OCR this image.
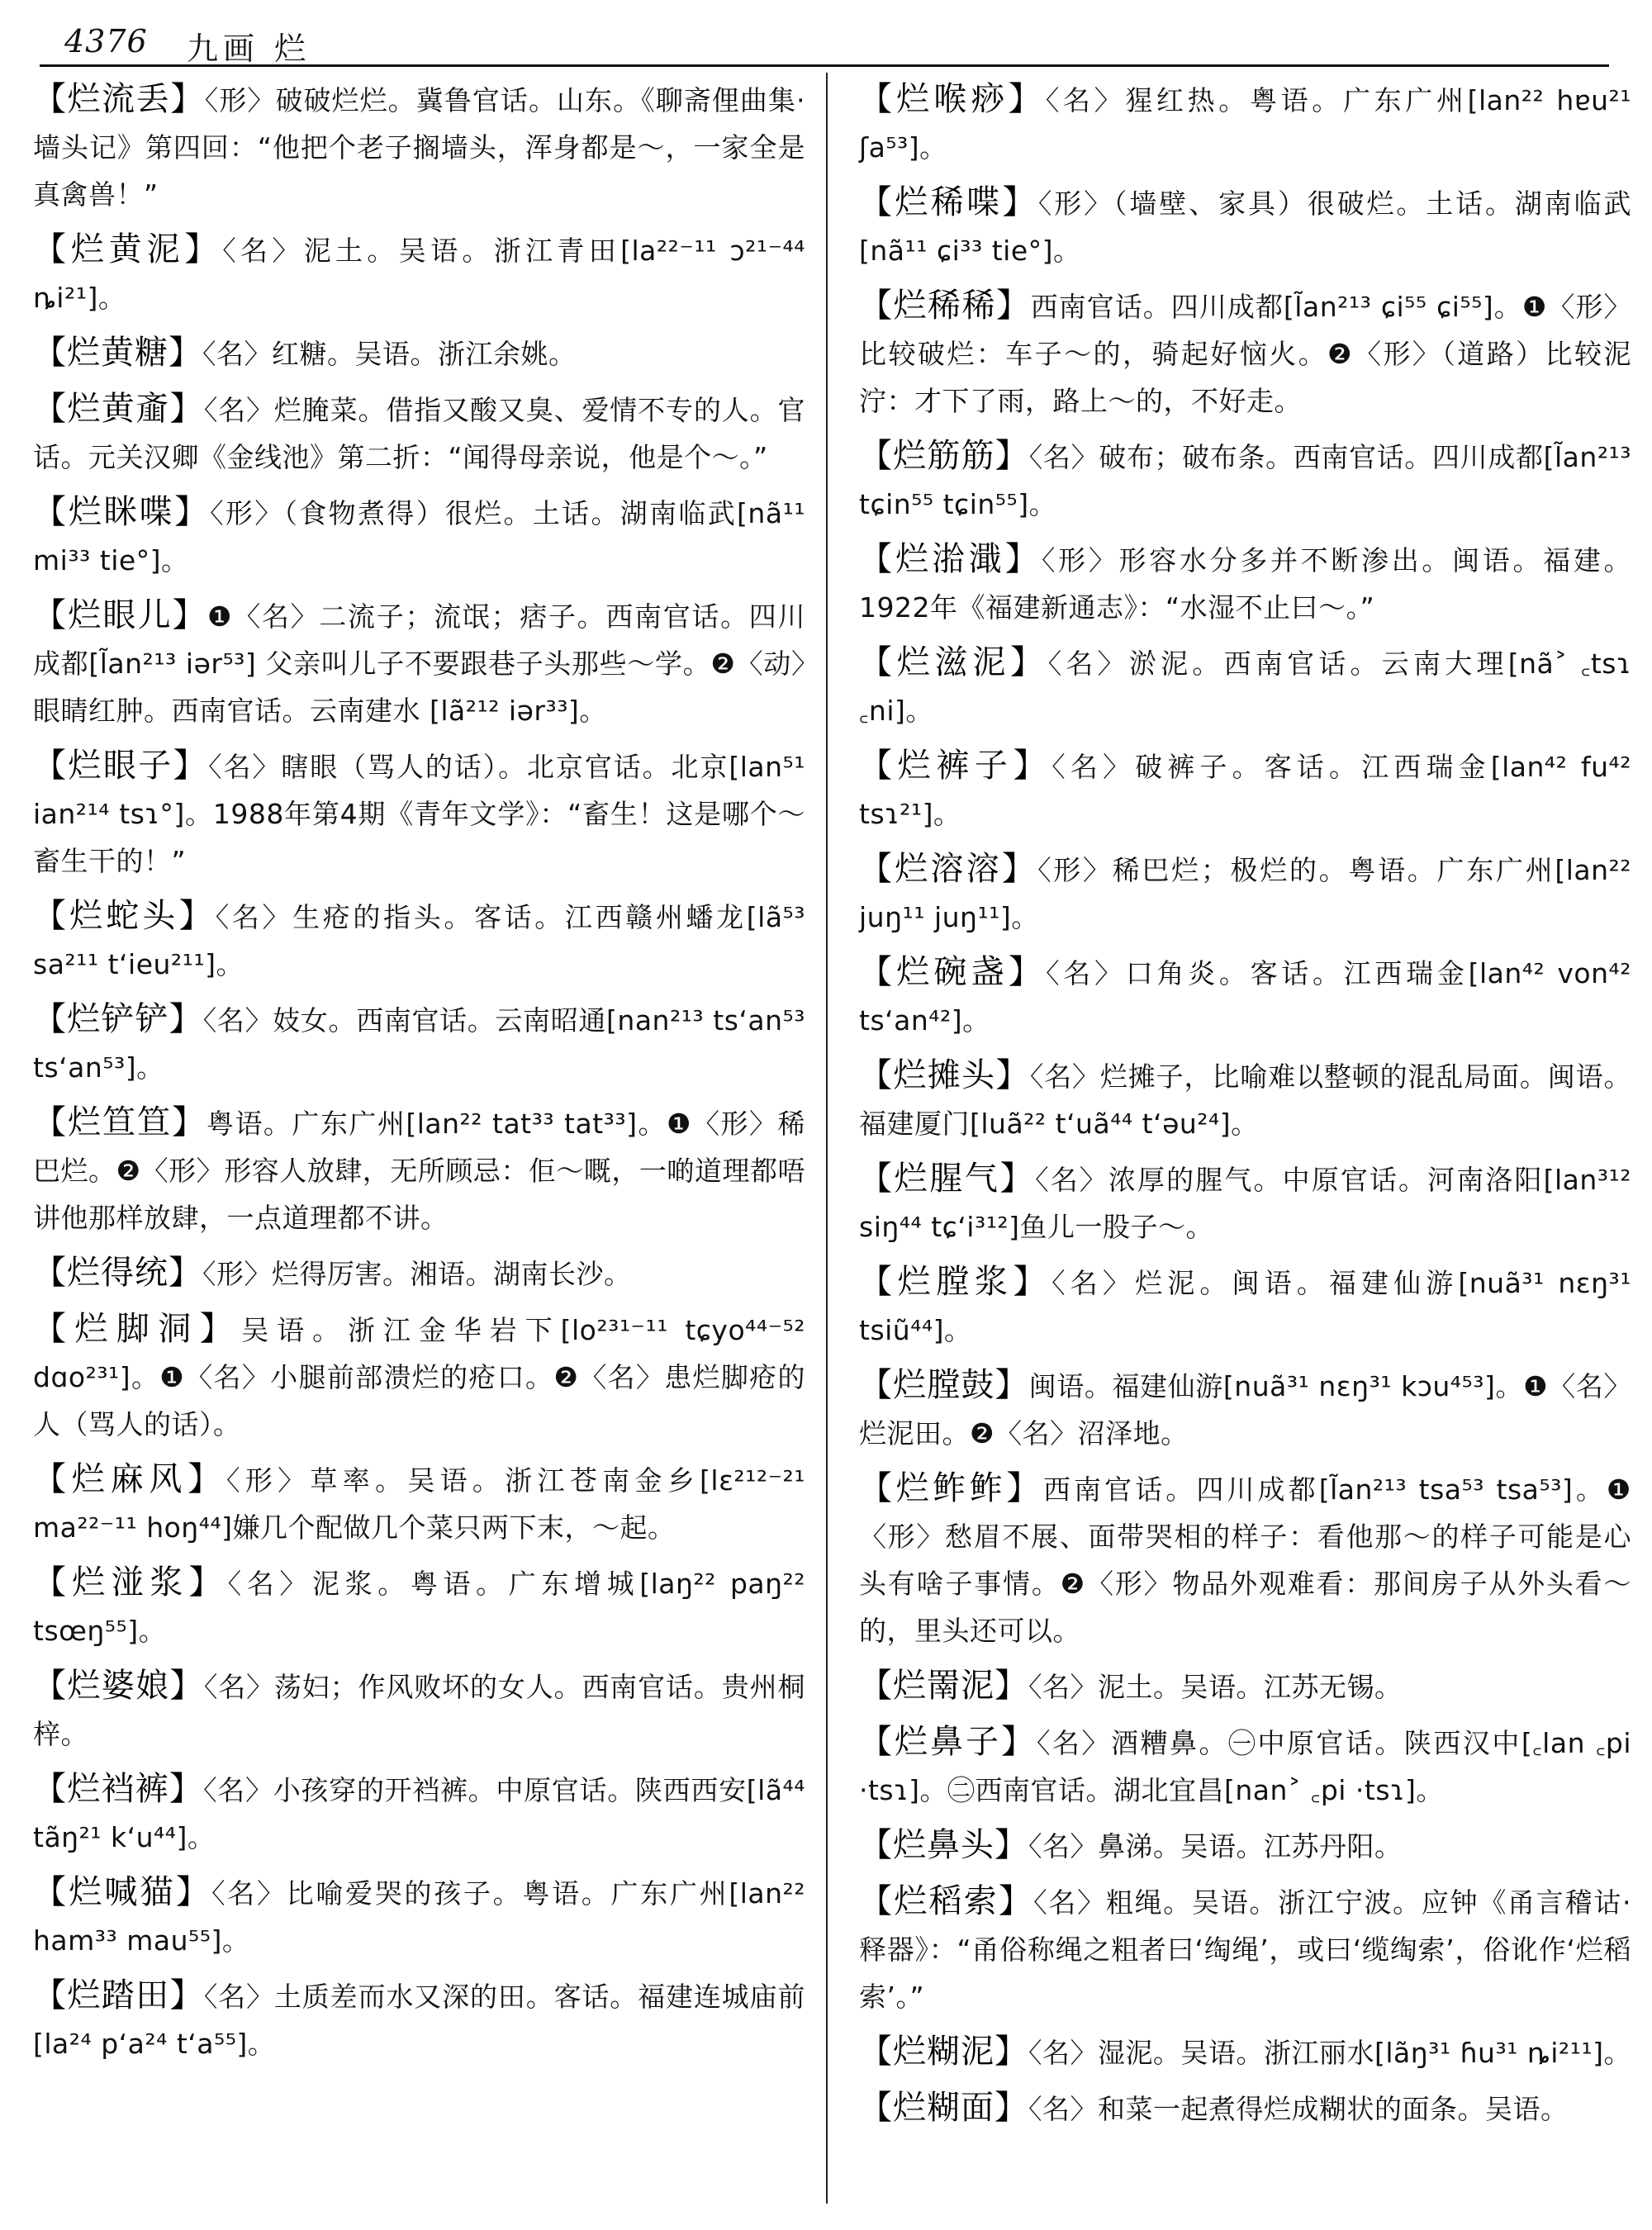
4376 九画 烂

【烂流丢】〈形〉破破烂烂。冀鲁官话。山东。《聊斋俚曲集·墙头记》第四回：“他把个老子搁墙头，浑身都是～，一家全是真禽兽！”

【烂黄泥】〈名〉泥土。吴语。浙江青田[la²²⁻¹¹ ɔ²¹⁻⁴⁴ ȵi²¹]。

【烂黄糖】〈名〉红糖。吴语。浙江余姚。

【烂黄齑】〈名〉烂腌菜。借指又酸又臭、爱情不专的人。官话。元关汉卿《金线池》第二折：“闻得母亲说，他是个～。”

【烂眯喋】〈形〉（食物煮得）很烂。土话。湖南临武[nã¹¹ mi³³ tie°]。

【烂眼儿】❶〈名〉二流子；流氓；痞子。西南官话。四川成都[l̃an²¹³ iər⁵³] 父亲叫儿子不要跟巷子头那些～学。❷〈动〉眼睛红肿。西南官话。云南建水 [lã²¹² iər³³]。

【烂眼子】〈名〉瞎眼（骂人的话）。北京官话。北京[lan⁵¹ ian²¹⁴ tsɿ°]。1988年第4期《青年文学》：“畜生！这是哪个～畜生干的！”

【烂蛇头】〈名〉生疮的指头。客话。江西赣州蟠龙[lã⁵³ sa²¹¹ t‘ieu²¹¹]。

【烂铲铲】〈名〉妓女。西南官话。云南昭通[nan²¹³ ts‘an⁵³ ts‘an⁵³]。

【烂笪笪】粤语。广东广州[lan²² tat³³ tat³³]。❶〈形〉稀巴烂。❷〈形〉形容人放肆，无所顾忌：佢～嘅，一啲道理都唔讲他那样放肆，一点道理都不讲。

【烂得统】〈形〉烂得厉害。湘语。湖南长沙。

【烂脚洞】吴语。浙江金华岩下[lo²³¹⁻¹¹ tɕyo⁴⁴⁻⁵² dɑo²³¹]。❶〈名〉小腿前部溃烂的疮口。❷〈名〉患烂脚疮的人（骂人的话）。

【烂麻风】〈形〉草率。吴语。浙江苍南金乡[lɛ²¹²⁻²¹ ma²²⁻¹¹ hoŋ⁴⁴]嫌几个配做几个菜只两下末，～起。

【烂湴浆】〈名〉泥浆。粤语。广东增城[laŋ²² paŋ²² tsœŋ⁵⁵]。

【烂婆娘】〈名〉荡妇；作风败坏的女人。西南官话。贵州桐梓。

【烂裆裤】〈名〉小孩穿的开裆裤。中原官话。陕西西安[lã⁴⁴ tãŋ²¹ k‘u⁴⁴]。

【烂喊猫】〈名〉比喻爱哭的孩子。粤语。广东广州[lan²² ham³³ mau⁵⁵]。

【烂踏田】〈名〉土质差而水又深的田。客话。福建连城庙前[la²⁴ p‘a²⁴ t‘a⁵⁵]。

【烂喉痧】〈名〉猩红热。粤语。广东广州[lan²² hɐu²¹ ʃa⁵³]。

【烂稀喋】〈形〉（墙壁、家具）很破烂。土话。湖南临武[nã¹¹ ɕi³³ tie°]。

【烂稀稀】西南官话。四川成都[l̃an²¹³ ɕi⁵⁵ ɕi⁵⁵]。❶〈形〉比较破烂：车子～的，骑起好恼火。❷〈形〉（道路）比较泥泞：才下了雨，路上～的，不好走。

【烂筋筋】〈名〉破布；破布条。西南官话。四川成都[l̃an²¹³ tɕin⁵⁵ tɕin⁵⁵]。

【烂湁濈】〈形〉形容水分多并不断渗出。闽语。福建。1922年《福建新通志》：“水湿不止曰～。”

【烂滋泥】〈名〉淤泥。西南官话。云南大理[nã˃ ꜀tsɿ ꜀ni]。

【烂裤子】〈名〉破裤子。客话。江西瑞金[lan⁴² fu⁴² tsɿ²¹]。

【烂溶溶】〈形〉稀巴烂；极烂的。粤语。广东广州[lan²² juŋ¹¹ juŋ¹¹]。

【烂碗盏】〈名〉口角炎。客话。江西瑞金[lan⁴² von⁴² ts‘an⁴²]。

【烂摊头】〈名〉烂摊子，比喻难以整顿的混乱局面。闽语。福建厦门[luã²² t‘uã⁴⁴ t‘əu²⁴]。

【烂腥气】〈名〉浓厚的腥气。中原官话。河南洛阳[lan³¹² siŋ⁴⁴ tɕ‘i³¹²]鱼儿一股子～。

【烂膛浆】〈名〉烂泥。闽语。福建仙游[nuã³¹ nɛŋ³¹ tsiũ⁴⁴]。

【烂膛鼓】闽语。福建仙游[nuã³¹ nɛŋ³¹ kɔu⁴⁵³]。❶〈名〉烂泥田。❷〈名〉沼泽地。

【烂鲊鲊】西南官话。四川成都[l̃an²¹³ tsa⁵³ tsa⁵³]。❶〈形〉愁眉不展、面带哭相的样子：看他那～的样子可能是心头有啥子事情。❷〈形〉物品外观难看：那间房子从外头看～的，里头还可以。

【烂罱泥】〈名〉泥土。吴语。江苏无锡。

【烂鼻子】〈名〉酒糟鼻。㊀中原官话。陕西汉中[꜀lan ꜀pi ·tsɿ]。㊁西南官话。湖北宜昌[nan˃ ꜀pi ·tsɿ]。

【烂鼻头】〈名〉鼻涕。吴语。江苏丹阳。

【烂稻索】〈名〉粗绳。吴语。浙江宁波。应钟《甬言稽诂·释器》：“甬俗称绳之粗者曰‘绹绳’，或曰‘缆绹索’，俗讹作‘烂稻索’。”

【烂糊泥】〈名〉湿泥。吴语。浙江丽水[lãŋ³¹ ɦu³¹ ȵi²¹¹]。

【烂糊面】〈名〉和菜一起煮得烂成糊状的面条。吴语。
